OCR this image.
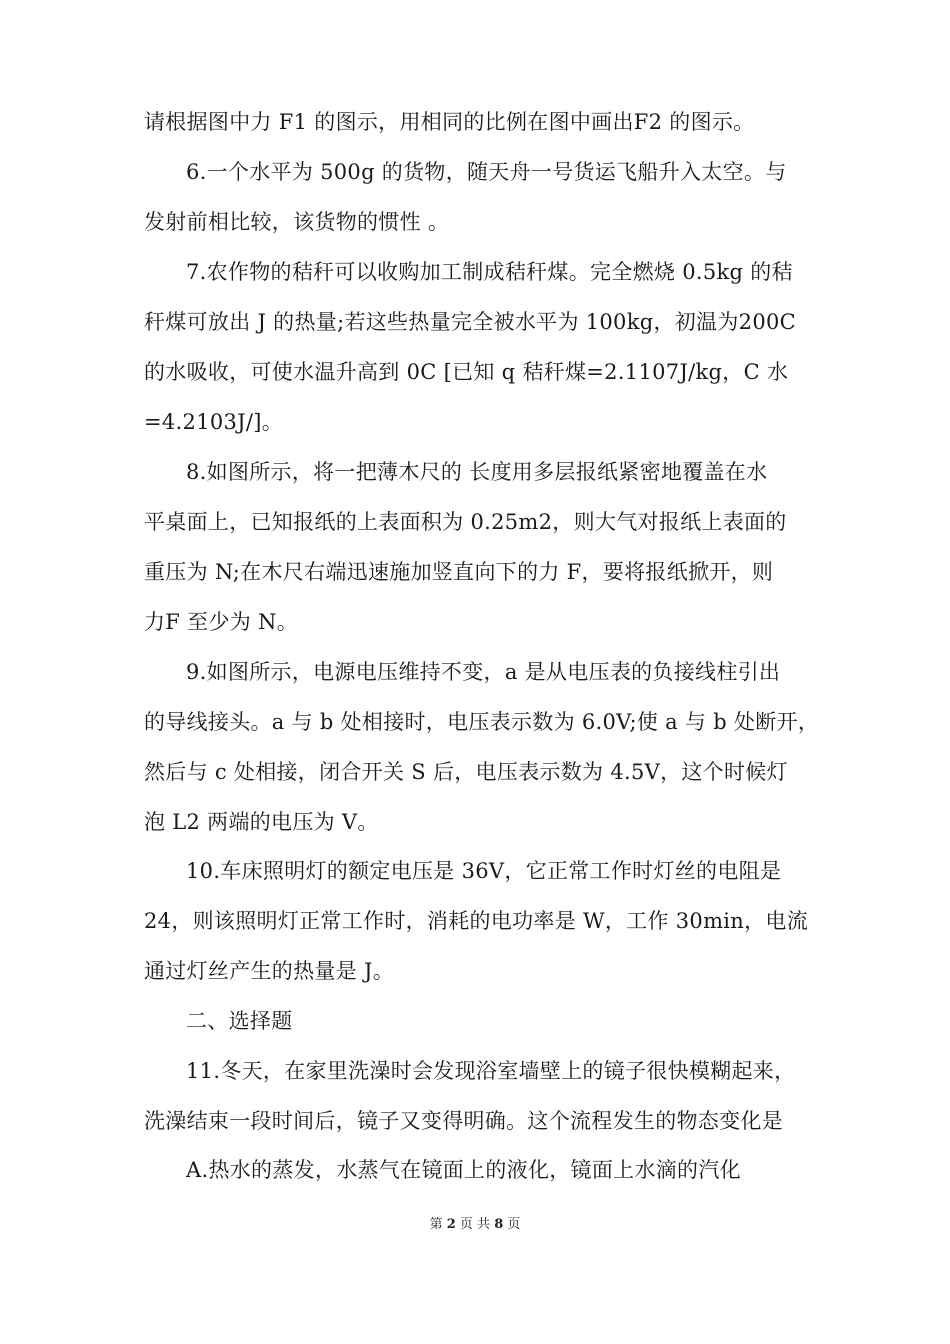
请根据图中力 F1 的图示，用相同的比例在图中画出F2 的图示。
6.一个水平为 500g 的货物，随天舟一号货运飞船升入太空。与
发射前相比较，该货物的惯性 。
7.农作物的秸秆可以收购加工制成秸秆煤。完全燃烧 0.5kg 的秸
秆煤可放出 J 的热量;若这些热量完全被水平为 100kg，初温为200C
的水吸收，可使水温升高到 0C [已知 q 秸秆煤=2.1107J/kg，C 水
=4.2103J/]。
8.如图所示，将一把薄木尺的 长度用多层报纸紧密地覆盖在水
平桌面上，已知报纸的上表面积为 0.25m2，则大气对报纸上表面的
重压为 N;在木尺右端迅速施加竖直向下的力 F，要将报纸掀开，则
力F 至少为 N。
9.如图所示，电源电压维持不变，a 是从电压表的负接线柱引出
的导线接头。a 与 b 处相接时，电压表示数为 6.0V;使 a 与 b 处断开，
然后与 c 处相接，闭合开关 S 后，电压表示数为 4.5V，这个时候灯
泡 L2 两端的电压为 V。
10.车床照明灯的额定电压是 36V，它正常工作时灯丝的电阻是
24，则该照明灯正常工作时，消耗的电功率是 W，工作 30min，电流
通过灯丝产生的热量是 J。
二、选择题
11.冬天，在家里洗澡时会发现浴室墙壁上的镜子很快模糊起来，
洗澡结束一段时间后，镜子又变得明确。这个流程发生的物态变化是
A.热水的蒸发，水蒸气在镜面上的液化，镜面上水滴的汽化
第 2 页 共 8 页
